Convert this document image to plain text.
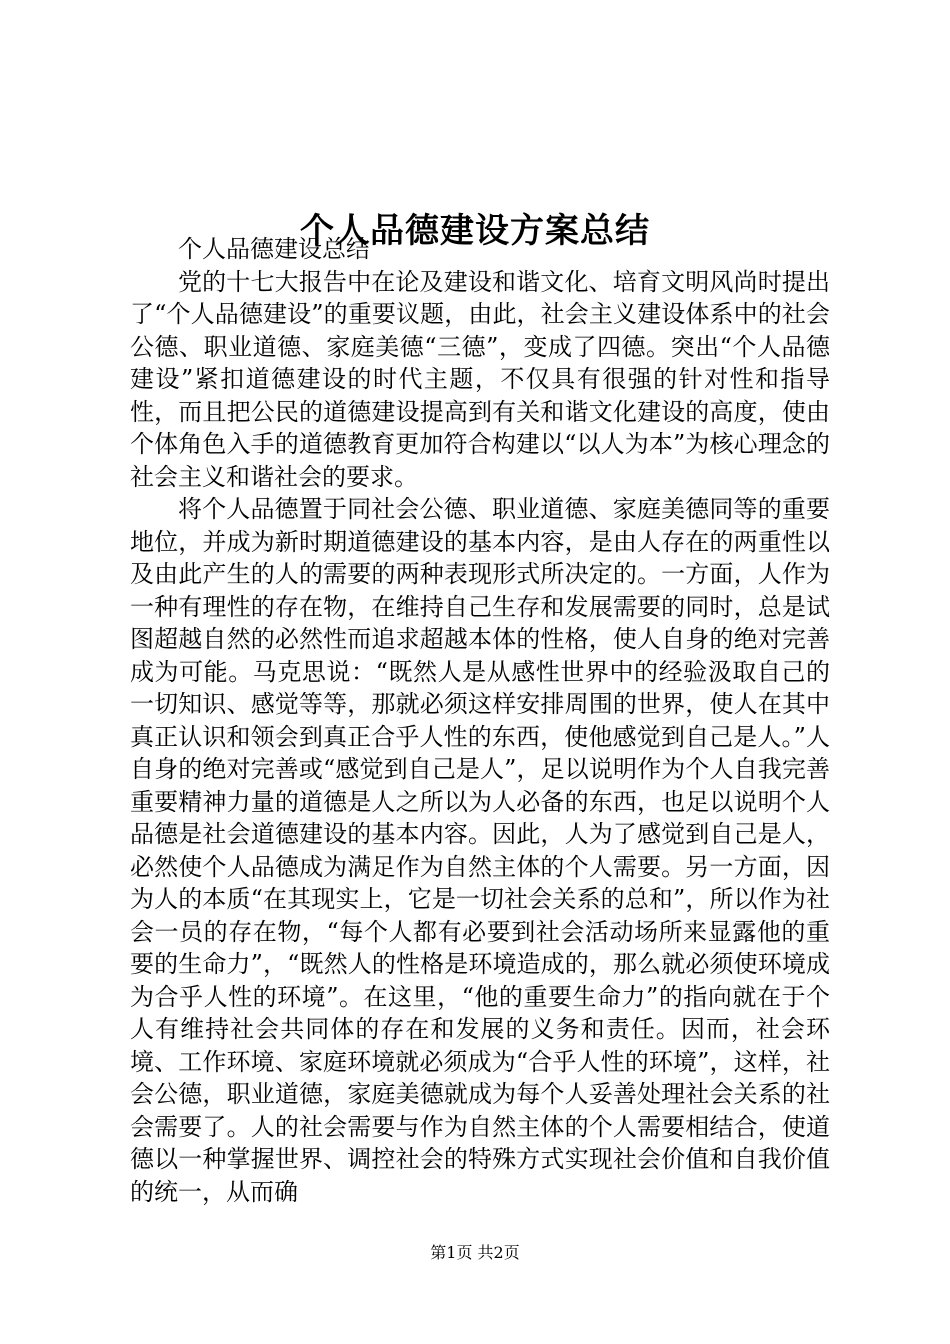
个人品德建设方案总结

个人品德建设总结

党的十七大报告中在论及建设和谐文化、培育文明风尚时提出了“个人品德建设”的重要议题，由此，社会主义建设体系中的社会公德、职业道德、家庭美德“三德”，变成了四德。突出“个人品德建设”紧扣道德建设的时代主题，不仅具有很强的针对性和指导性，而且把公民的道德建设提高到有关和谐文化建设的高度，使由个体角色入手的道德教育更加符合构建以“以人为本”为核心理念的社会主义和谐社会的要求。

将个人品德置于同社会公德、职业道德、家庭美德同等的重要地位，并成为新时期道德建设的基本内容，是由人存在的两重性以及由此产生的人的需要的两种表现形式所决定的。一方面，人作为一种有理性的存在物，在维持自己生存和发展需要的同时，总是试图超越自然的必然性而追求超越本体的性格，使人自身的绝对完善成为可能。马克思说：“既然人是从感性世界中的经验汲取自己的一切知识、感觉等等，那就必须这样安排周围的世界，使人在其中真正认识和领会到真正合乎人性的东西，使他感觉到自己是人。”人自身的绝对完善或“感觉到自己是人”，足以说明作为个人自我完善重要精神力量的道德是人之所以为人必备的东西，也足以说明个人品德是社会道德建设的基本内容。因此，人为了感觉到自己是人，必然使个人品德成为满足作为自然主体的个人需要。另一方面，因为人的本质“在其现实上，它是一切社会关系的总和”，所以作为社会一员的存在物，“每个人都有必要到社会活动场所来显露他的重要的生命力”，“既然人的性格是环境造成的，那么就必须使环境成为合乎人性的环境”。在这里，“他的重要生命力”的指向就在于个人有维持社会共同体的存在和发展的义务和责任。因而，社会环境、工作环境、家庭环境就必须成为“合乎人性的环境”，这样，社会公德，职业道德，家庭美德就成为每个人妥善处理社会关系的社会需要了。人的社会需要与作为自然主体的个人需要相结合，使道德以一种掌握世界、调控社会的特殊方式实现社会价值和自我价值的统一，从而确

第1页 共2页
